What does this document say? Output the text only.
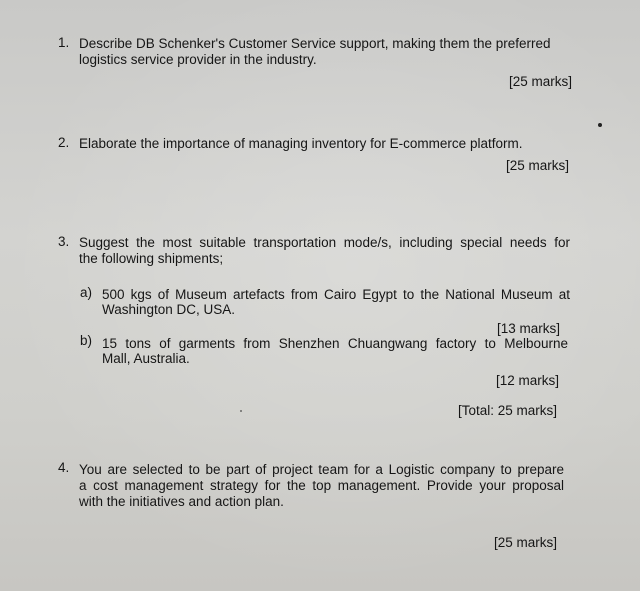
1. Describe DB Schenker's Customer Service support, making them the preferred
logistics service provider in the industry.
[25 marks]
2. Elaborate the importance of managing inventory for E-commerce platform.
[25 marks]
3. Suggest the most suitable transportation mode/s, including special needs for
the following shipments;
a) 500 kgs of Museum artefacts from Cairo Egypt to the National Museum at
Washington DC, USA.
[13 marks]
b) 15 tons of garments from Shenzhen Chuangwang factory to Melbourne
Mall, Australia.
[12 marks]
[Total: 25 marks]
4. You are selected to be part of project team for a Logistic company to prepare
a cost management strategy for the top management. Provide your proposal
with the initiatives and action plan.
[25 marks]
